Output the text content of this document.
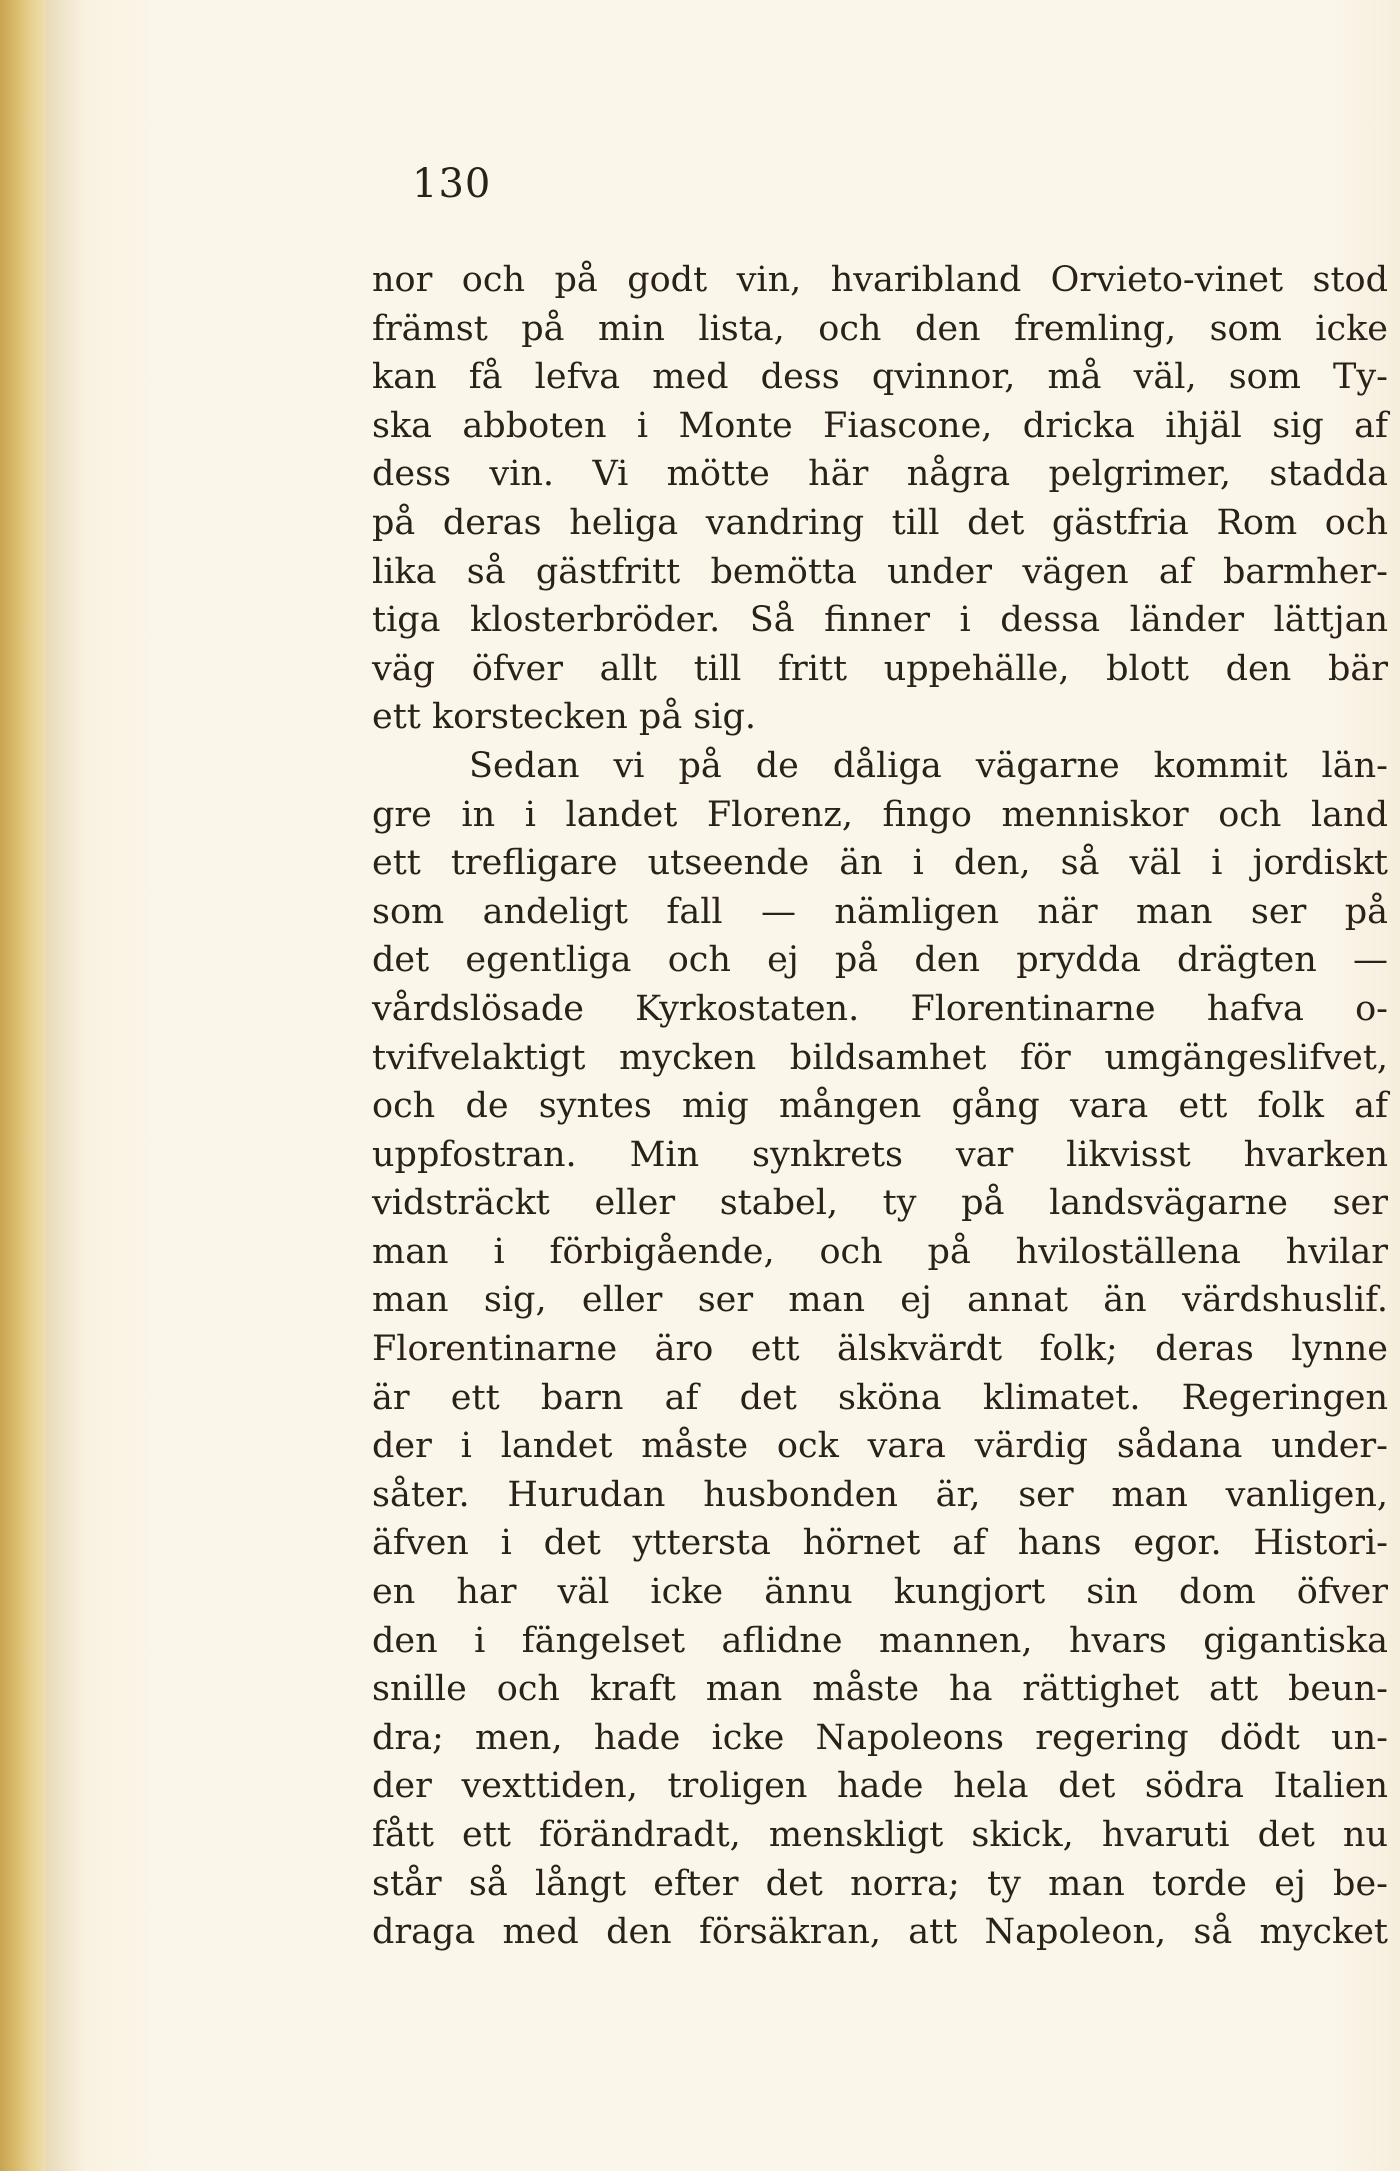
130
nor och på godt vin, hvaribland Orvieto-vinet stod
främst på min lista, och den fremling, som icke
kan få lefva med dess qvinnor, må väl, som Ty-
ska abboten i Monte Fiascone, dricka ihjäl sig af
dess vin. Vi mötte här några pelgrimer, stadda
på deras heliga vandring till det gästfria Rom och
lika så gästfritt bemötta under vägen af barmher-
tiga klosterbröder. Så finner i dessa länder lättjan
väg öfver allt till fritt uppehälle, blott den bär
ett korstecken på sig.
Sedan vi på de dåliga vägarne kommit län-
gre in i landet Florenz, fingo menniskor och land
ett trefligare utseende än i den, så väl i jordiskt
som andeligt fall — nämligen när man ser på
det egentliga och ej på den prydda drägten —
vårdslösade Kyrkostaten. Florentinarne hafva o-
tvifvelaktigt mycken bildsamhet för umgängeslifvet,
och de syntes mig mången gång vara ett folk af
uppfostran. Min synkrets var likvisst hvarken
vidsträckt eller stabel, ty på landsvägarne ser
man i förbigående, och på hviloställena hvilar
man sig, eller ser man ej annat än värdshuslif.
Florentinarne äro ett älskvärdt folk; deras lynne
är ett barn af det sköna klimatet. Regeringen
der i landet måste ock vara värdig sådana under-
såter. Hurudan husbonden är, ser man vanligen,
äfven i det yttersta hörnet af hans egor. Histori-
en har väl icke ännu kungjort sin dom öfver
den i fängelset aflidne mannen, hvars gigantiska
snille och kraft man måste ha rättighet att beun-
dra; men, hade icke Napoleons regering dödt un-
der vexttiden, troligen hade hela det södra Italien
fått ett förändradt, menskligt skick, hvaruti det nu
står så långt efter det norra; ty man torde ej be-
draga med den försäkran, att Napoleon, så mycket
